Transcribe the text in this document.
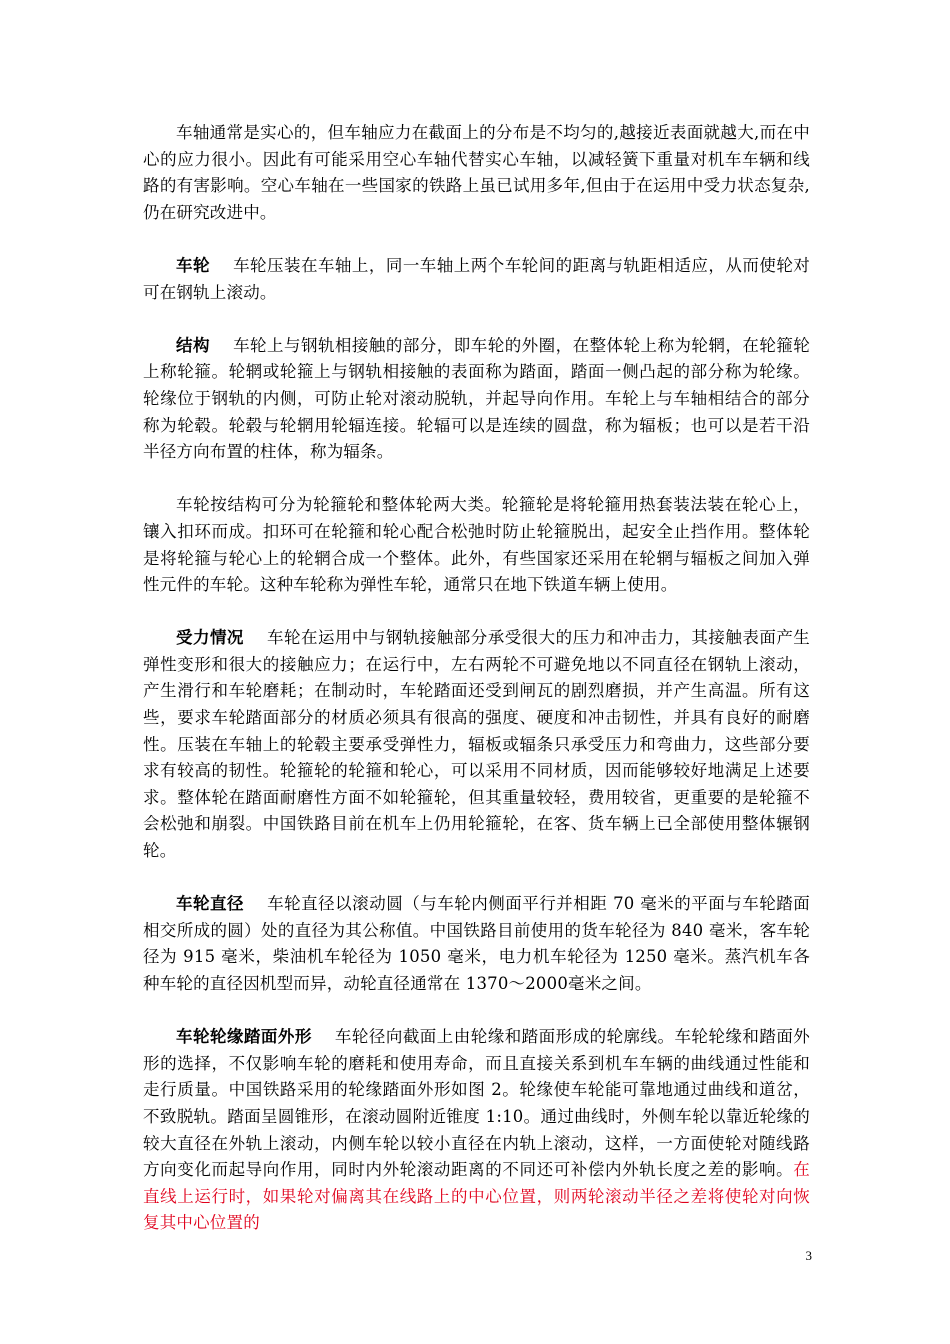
车轴通常是实心的，但车轴应力在截面上的分布是不均匀的,越接近表面就越大,而在中心的应力很小。因此有可能采用空心车轴代替实心车轴，以减轻簧下重量对机车车辆和线路的有害影响。空心车轴在一些国家的铁路上虽已试用多年,但由于在运用中受力状态复杂,仍在研究改进中。

车轮 车轮压装在车轴上，同一车轴上两个车轮间的距离与轨距相适应，从而使轮对可在钢轨上滚动。

结构 车轮上与钢轨相接触的部分，即车轮的外圈，在整体轮上称为轮辋，在轮箍轮上称轮箍。轮辋或轮箍上与钢轨相接触的表面称为踏面，踏面一侧凸起的部分称为轮缘。轮缘位于钢轨的内侧，可防止轮对滚动脱轨，并起导向作用。车轮上与车轴相结合的部分称为轮毂。轮毂与轮辋用轮辐连接。轮辐可以是连续的圆盘，称为辐板；也可以是若干沿半径方向布置的柱体，称为辐条。

车轮按结构可分为轮箍轮和整体轮两大类。轮箍轮是将轮箍用热套装法装在轮心上，镶入扣环而成。扣环可在轮箍和轮心配合松弛时防止轮箍脱出，起安全止挡作用。整体轮是将轮箍与轮心上的轮辋合成一个整体。此外，有些国家还采用在轮辋与辐板之间加入弹性元件的车轮。这种车轮称为弹性车轮，通常只在地下铁道车辆上使用。

受力情况 车轮在运用中与钢轨接触部分承受很大的压力和冲击力，其接触表面产生弹性变形和很大的接触应力；在运行中，左右两轮不可避免地以不同直径在钢轨上滚动，产生滑行和车轮磨耗；在制动时，车轮踏面还受到闸瓦的剧烈磨损，并产生高温。所有这些，要求车轮踏面部分的材质必须具有很高的强度、硬度和冲击韧性，并具有良好的耐磨性。压装在车轴上的轮毂主要承受弹性力，辐板或辐条只承受压力和弯曲力，这些部分要求有较高的韧性。轮箍轮的轮箍和轮心，可以采用不同材质，因而能够较好地满足上述要求。整体轮在踏面耐磨性方面不如轮箍轮，但其重量较轻，费用较省，更重要的是轮箍不会松弛和崩裂。中国铁路目前在机车上仍用轮箍轮，在客、货车辆上已全部使用整体辗钢轮。

车轮直径 车轮直径以滚动圆（与车轮内侧面平行并相距 70 毫米的平面与车轮踏面相交所成的圆）处的直径为其公称值。中国铁路目前使用的货车轮径为 840 毫米，客车轮径为 915 毫米，柴油机车轮径为 1050 毫米，电力机车轮径为 1250 毫米。蒸汽机车各种车轮的直径因机型而异，动轮直径通常在 1370～2000毫米之间。

车轮轮缘踏面外形 车轮径向截面上由轮缘和踏面形成的轮廓线。车轮轮缘和踏面外形的选择，不仅影响车轮的磨耗和使用寿命，而且直接关系到机车车辆的曲线通过性能和走行质量。中国铁路采用的轮缘踏面外形如图 2。轮缘使车轮能可靠地通过曲线和道岔，不致脱轨。踏面呈圆锥形，在滚动圆附近锥度 1:10。通过曲线时，外侧车轮以靠近轮缘的较大直径在外轨上滚动，内侧车轮以较小直径在内轨上滚动，这样，一方面使轮对随线路方向变化而起导向作用，同时内外轮滚动距离的不同还可补偿内外轨长度之差的影响。在直线上运行时，如果轮对偏离其在线路上的中心位置，则两轮滚动半径之差将使轮对向恢复其中心位置的

3
